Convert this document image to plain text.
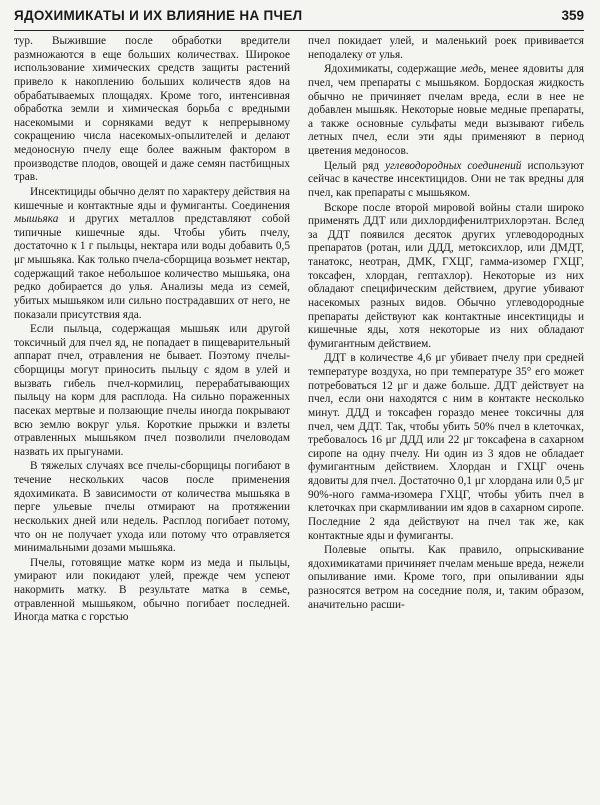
ЯДОХИМИКАТЫ И ИХ ВЛИЯНИЕ НА ПЧЕЛ	359

тур. Выжившие после обработки вредители размножаются в еще больших количествах. Широкое использование химических средств защиты растений привело к накоплению больших количеств ядов на обрабатываемых площадях. Кроме того, интенсивная обработка земли и химическая борьба с вредными насекомыми и сорняками ведут к непрерывному сокращению числа насекомых-опылителей и делают медоносную пчелу еще более важным фактором в производстве плодов, овощей и даже семян пастбищных трав.

Инсектициды обычно делят по характеру действия на кишечные и контактные яды и фумиганты. Соединения мышьяка и других металлов представляют собой типичные кишечные яды. Чтобы убить пчелу, достаточно к 1 г пыльцы, нектара или воды добавить 0,5 μг мышьяка. Как только пчела-сборщица возьмет нектар, содержащий такое небольшое количество мышьяка, она редко добирается до улья. Анализы меда из семей, убитых мышьяком или сильно пострадавших от него, не показали присутствия яда.

Если пыльца, содержащая мышьяк или другой токсичный для пчел яд, не попадает в пищеварительный аппарат пчел, отравления не бывает. Поэтому пчелы-сборщицы могут приносить пыльцу с ядом в улей и вызвать гибель пчел-кормилиц, перерабатывающих пыльцу на корм для расплода. На сильно пораженных пасеках мертвые и ползающие пчелы иногда покрывают всю землю вокруг улья. Короткие прыжки и взлеты отравленных мышьяком пчел позволили пчеловодам назвать их прыгунами.

В тяжелых случаях все пчелы-сборщицы погибают в течение нескольких часов после применения ядохимиката. В зависимости от количества мышьяка в перге ульевые пчелы отмирают на протяжении нескольких дней или недель. Расплод погибает потому, что он не получает ухода или потому что отравляется минимальными дозами мышьяка.

Пчелы, готовящие матке корм из меда и пыльцы, умирают или покидают улей, прежде чем успеют накормить матку. В результате матка в семье, отравленной мышьяком, обычно погибает последней. Иногда матка с горстью

пчел покидает улей, и маленький роек прививается неподалеку от улья.

Ядохимикаты, содержащие медь, менее ядовиты для пчел, чем препараты с мышьяком. Бордоская жидкость обычно не причиняет пчелам вреда, если в нее не добавлен мышьяк. Некоторые новые медные препараты, а также основные сульфаты меди вызывают гибель летных пчел, если эти яды применяют в период цветения медоносов.

Целый ряд углеводородных соединений используют сейчас в качестве инсектицидов. Они не так вредны для пчел, как препараты с мышьяком.

Вскоре после второй мировой войны стали широко применять ДДТ или дихлордифенилтрихлорэтан. Вслед за ДДТ появился десяток других углеводородных препаратов (ротан, или ДДД, метоксихлор, или ДМДТ, танатокс, неотран, ДМК, ГХЦГ, гамма-изомер ГХЦГ, токсафен, хлордан, гептахлор). Некоторые из них обладают специфическим действием, другие убивают насекомых разных видов. Обычно углеводородные препараты действуют как контактные инсектициды и кишечные яды, хотя некоторые из них обладают фумигантным действием.

ДДТ в количестве 4,6 μг убивает пчелу при средней температуре воздуха, но при температуре 35° его может потребоваться 12 μг и даже больше. ДДТ действует на пчел, если они находятся с ним в контакте несколько минут. ДДД и токсафен гораздо менее токсичны для пчел, чем ДДТ. Так, чтобы убить 50% пчел в клеточках, требовалось 16 μг ДДД или 22 μг токсафена в сахарном сиропе на одну пчелу. Ни один из 3 ядов не обладает фумигантным действием. Хлордан и ГХЦГ очень ядовиты для пчел. Достаточно 0,1 μг хлордана или 0,5 μг 90%-ного гамма-изомера ГХЦГ, чтобы убить пчел в клеточках при скармливании им ядов в сахарном сиропе. Последние 2 яда действуют на пчел так же, как контактные яды и фумиганты.

Полевые опыты. Как правило, опрыскивание ядохимикатами причиняет пчелам меньше вреда, нежели опыливание ими. Кроме того, при опыливании яды разносятся ветром на соседние поля, и, таким образом, аначительно расши-
